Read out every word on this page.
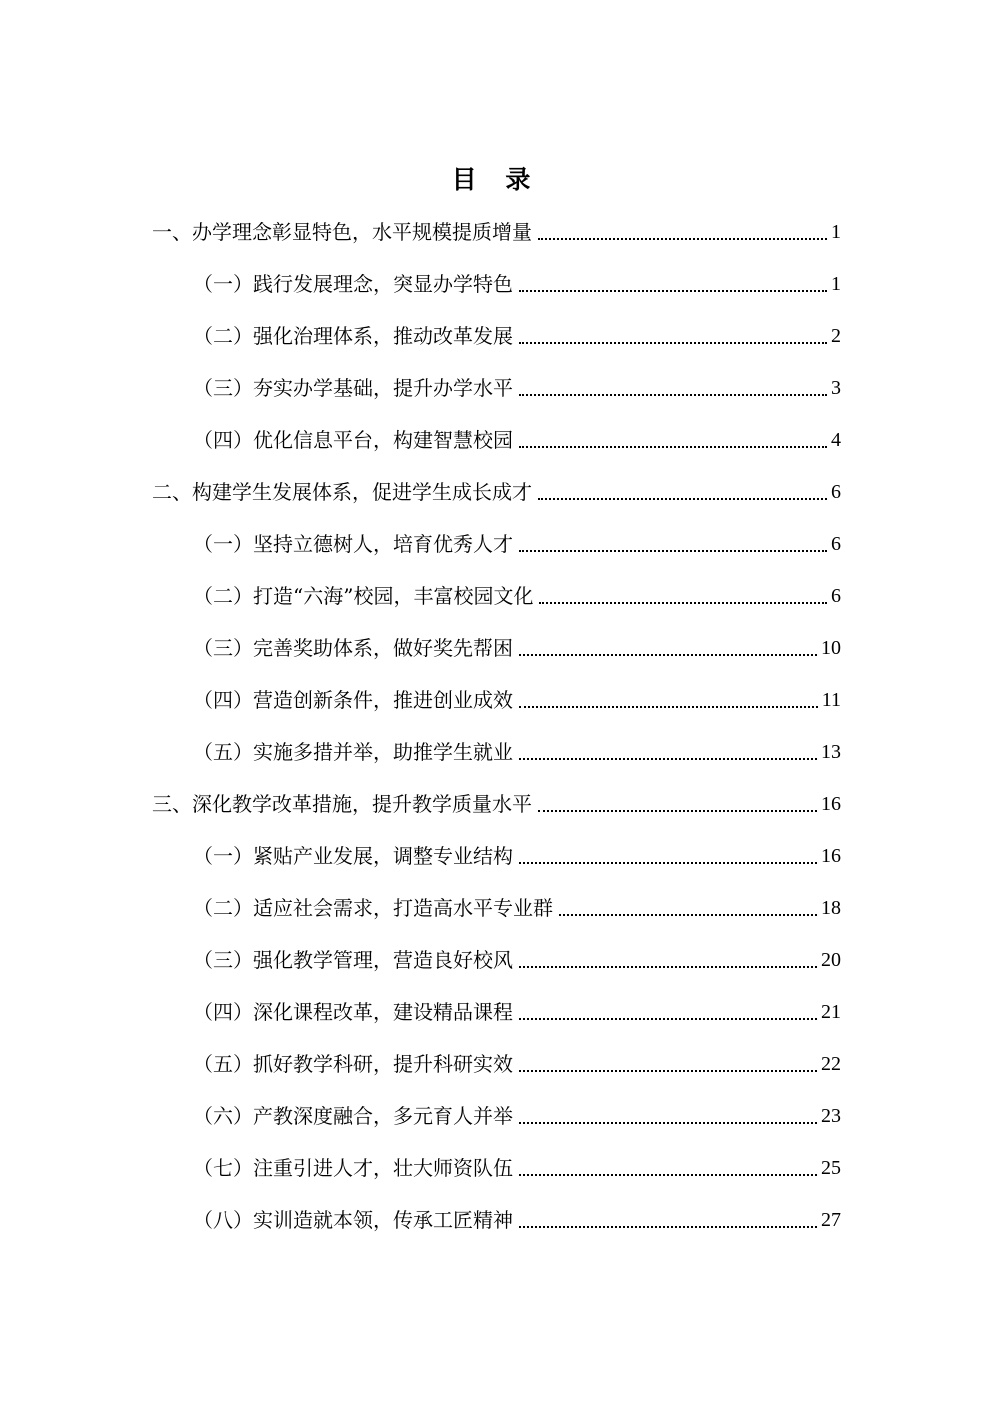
目 录
一、办学理念彰显特色，水平规模提质增量	1
（一）践行发展理念，突显办学特色	1
（二）强化治理体系，推动改革发展	2
（三）夯实办学基础，提升办学水平	3
（四）优化信息平台，构建智慧校园	4
二、构建学生发展体系，促进学生成长成才	6
（一）坚持立德树人，培育优秀人才	6
（二）打造“六海”校园，丰富校园文化	6
（三）完善奖助体系，做好奖先帮困	10
（四）营造创新条件，推进创业成效	11
（五）实施多措并举，助推学生就业	13
三、深化教学改革措施，提升教学质量水平	16
（一）紧贴产业发展，调整专业结构	16
（二）适应社会需求，打造高水平专业群	18
（三）强化教学管理，营造良好校风	20
（四）深化课程改革，建设精品课程	21
（五）抓好教学科研，提升科研实效	22
（六）产教深度融合，多元育人并举	23
（七）注重引进人才，壮大师资队伍	25
（八）实训造就本领，传承工匠精神	27
